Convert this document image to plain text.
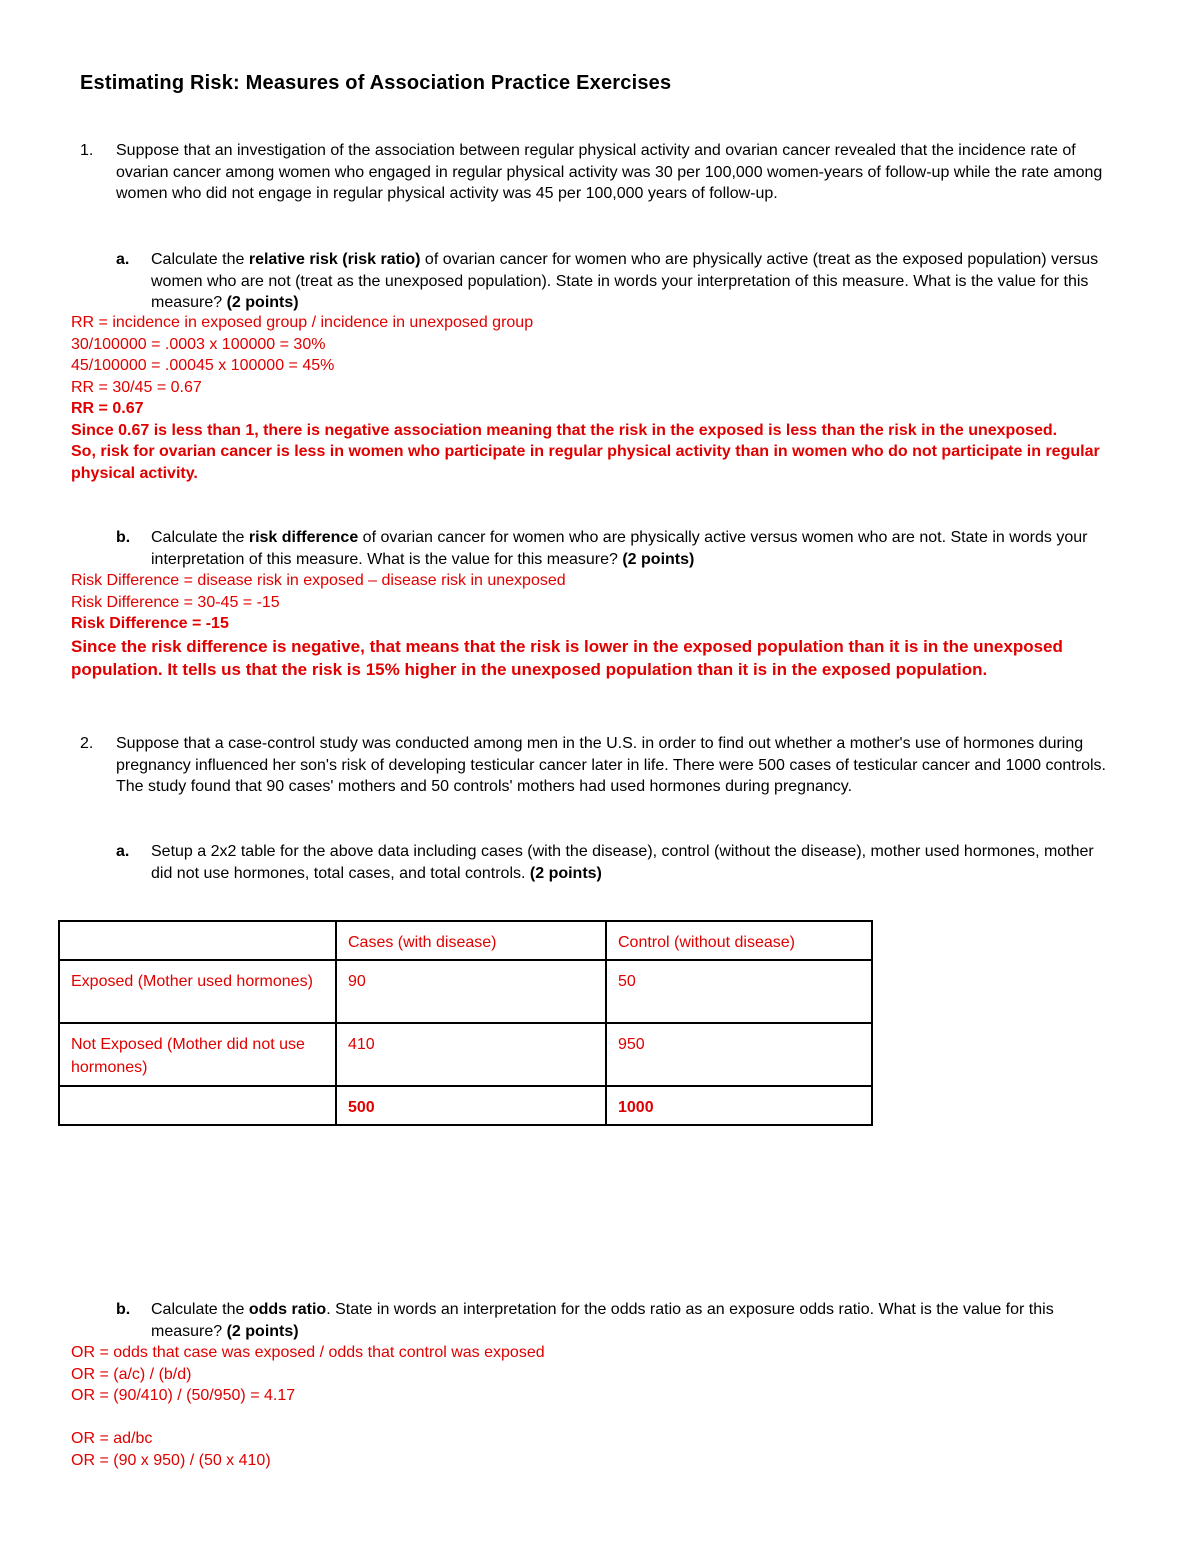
Estimating Risk: Measures of Association Practice Exercises
1. Suppose that an investigation of the association between regular physical activity and ovarian cancer revealed that the incidence rate of ovarian cancer among women who engaged in regular physical activity was 30 per 100,000 women-years of follow-up while the rate among women who did not engage in regular physical activity was 45 per 100,000 years of follow-up.
a. Calculate the relative risk (risk ratio) of ovarian cancer for women who are physically active (treat as the exposed population) versus women who are not (treat as the unexposed population). State in words your interpretation of this measure. What is the value for this measure? (2 points)
RR = incidence in exposed group / incidence in unexposed group
30/100000 = .0003 x 100000 = 30%
45/100000 = .00045 x 100000 = 45%
RR = 30/45 = 0.67
RR = 0.67
Since 0.67 is less than 1, there is negative association meaning that the risk in the exposed is less than the risk in the unexposed.
So, risk for ovarian cancer is less in women who participate in regular physical activity than in women who do not participate in regular physical activity.
b. Calculate the risk difference of ovarian cancer for women who are physically active versus women who are not. State in words your interpretation of this measure. What is the value for this measure? (2 points)
Risk Difference = disease risk in exposed – disease risk in unexposed
Risk Difference = 30-45 = -15
Risk Difference = -15
Since the risk difference is negative, that means that the risk is lower in the exposed population than it is in the unexposed population. It tells us that the risk is 15% higher in the unexposed population than it is in the exposed population.
2. Suppose that a case-control study was conducted among men in the U.S. in order to find out whether a mother's use of hormones during pregnancy influenced her son's risk of developing testicular cancer later in life. There were 500 cases of testicular cancer and 1000 controls. The study found that 90 cases' mothers and 50 controls' mothers had used hormones during pregnancy.
a. Setup a 2x2 table for the above data including cases (with the disease), control (without the disease), mother used hormones, mother did not use hormones, total cases, and total controls. (2 points)
	Cases (with disease)	Control (without disease)
Exposed (Mother used hormones)	90	50
Not Exposed (Mother did not use hormones)	410	950
	500	1000
b. Calculate the odds ratio. State in words an interpretation for the odds ratio as an exposure odds ratio. What is the value for this measure? (2 points)
OR = odds that case was exposed / odds that control was exposed
OR = (a/c) / (b/d)
OR = (90/410) / (50/950) = 4.17
OR = ad/bc
OR = (90 x 950) / (50 x 410)
